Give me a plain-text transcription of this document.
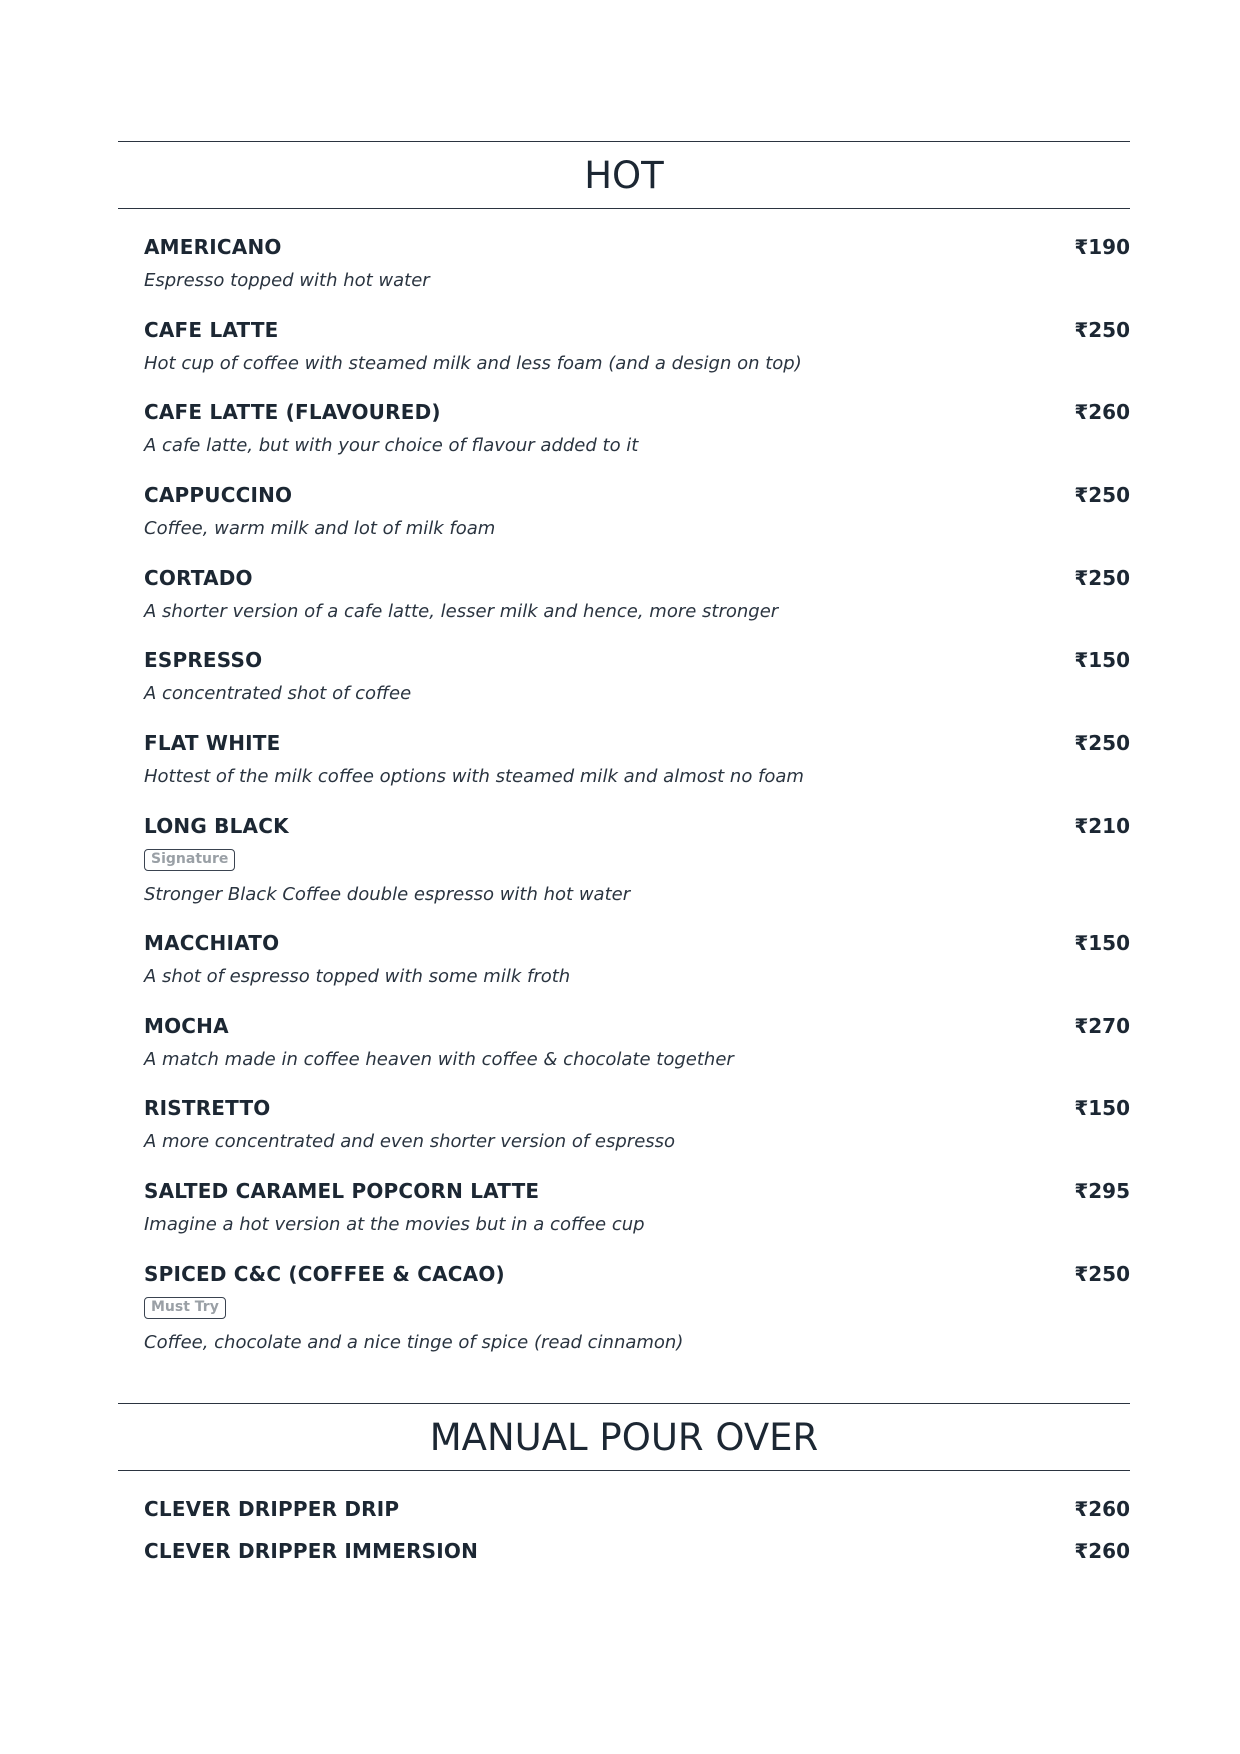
HOT
AMERICANO	₹190
Espresso topped with hot water
CAFE LATTE	₹250
Hot cup of coffee with steamed milk and less foam (and a design on top)
CAFE LATTE (FLAVOURED)	₹260
A cafe latte, but with your choice of flavour added to it
CAPPUCCINO	₹250
Coffee, warm milk and lot of milk foam
CORTADO	₹250
A shorter version of a cafe latte, lesser milk and hence, more stronger
ESPRESSO	₹150
A concentrated shot of coffee
FLAT WHITE	₹250
Hottest of the milk coffee options with steamed milk and almost no foam
LONG BLACK	₹210
Signature
Stronger Black Coffee double espresso with hot water
MACCHIATO	₹150
A shot of espresso topped with some milk froth
MOCHA	₹270
A match made in coffee heaven with coffee & chocolate together
RISTRETTO	₹150
A more concentrated and even shorter version of espresso
SALTED CARAMEL POPCORN LATTE	₹295
Imagine a hot version at the movies but in a coffee cup
SPICED C&C (COFFEE & CACAO)	₹250
Must Try
Coffee, chocolate and a nice tinge of spice (read cinnamon)
MANUAL POUR OVER
CLEVER DRIPPER DRIP	₹260
CLEVER DRIPPER IMMERSION	₹260
